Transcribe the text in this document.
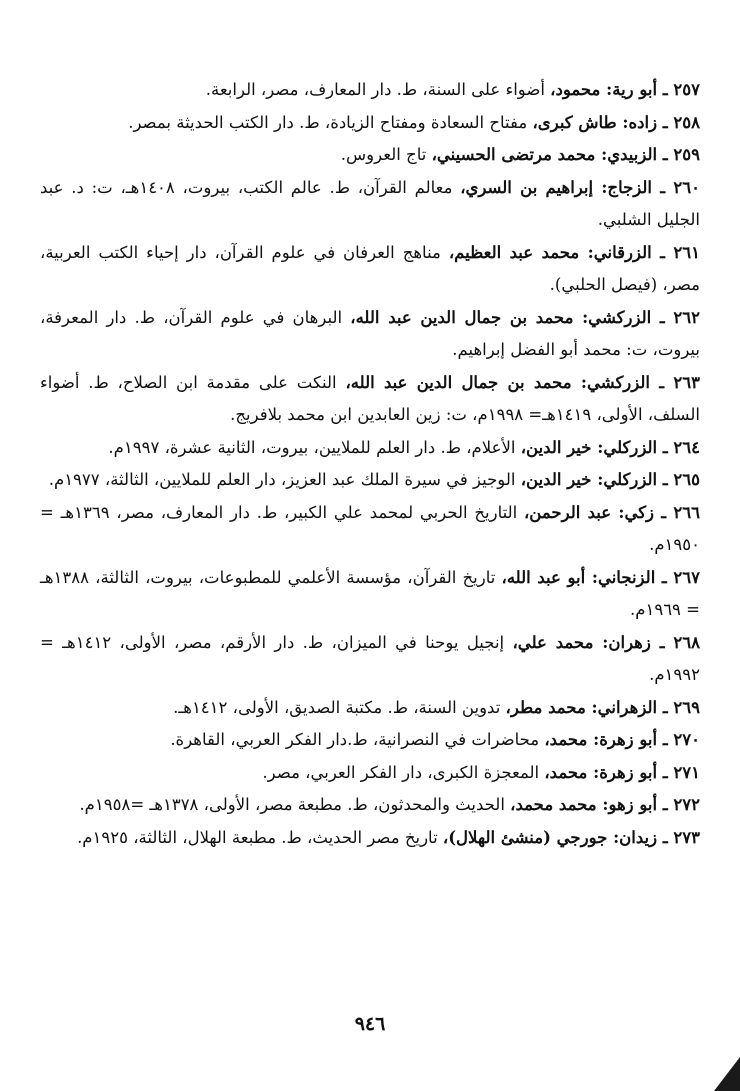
٢٥٧ ـ أبو رية: محمود، أضواء على السنة، ط. دار المعارف، مصر، الرابعة.

٢٥٨ ـ زاده: طاش كبرى، مفتاح السعادة ومفتاح الزيادة، ط. دار الكتب الحديثة بمصر.

٢٥٩ ـ الزبيدي: محمد مرتضى الحسيني، تاج العروس.

٢٦٠ ـ الزجاج: إبراهيم بن السري، معالم القرآن، ط. عالم الكتب، بيروت، ١٤٠٨هـ، ت: د. عبد الجليل الشلبي.

٢٦١ ـ الزرقاني: محمد عبد العظيم، مناهج العرفان في علوم القرآن، دار إحياء الكتب العربية، مصر، (فيصل الحلبي).

٢٦٢ ـ الزركشي: محمد بن جمال الدين عبد الله، البرهان في علوم القرآن، ط. دار المعرفة، بيروت، ت: محمد أبو الفضل إبراهيم.

٢٦٣ ـ الزركشي: محمد بن جمال الدين عبد الله، النكت على مقدمة ابن الصلاح، ط. أضواء السلف، الأولى، ١٤١٩هـ= ١٩٩٨م، ت: زين العابدين ابن محمد بلافريج.

٢٦٤ ـ الزركلي: خير الدين، الأعلام، ط. دار العلم للملايين، بيروت، الثانية عشرة، ١٩٩٧م.

٢٦٥ ـ الزركلي: خير الدين، الوجيز في سيرة الملك عبد العزيز، دار العلم للملايين، الثالثة، ١٩٧٧م.

٢٦٦ ـ زكي: عبد الرحمن، التاريخ الحربي لمحمد علي الكبير، ط. دار المعارف، مصر، ١٣٦٩هـ = ١٩٥٠م.

٢٦٧ ـ الزنجاني: أبو عبد الله، تاريخ القرآن، مؤسسة الأعلمي للمطبوعات، بيروت، الثالثة، ١٣٨٨هـ = ١٩٦٩م.

٢٦٨ ـ زهران: محمد علي، إنجيل يوحنا في الميزان، ط. دار الأرقم، مصر، الأولى، ١٤١٢هـ = ١٩٩٢م.

٢٦٩ ـ الزهراني: محمد مطر، تدوين السنة، ط. مكتبة الصديق، الأولى، ١٤١٢هـ.

٢٧٠ ـ أبو زهرة: محمد، محاضرات في النصرانية، ط.دار الفكر العربي، القاهرة.

٢٧١ ـ أبو زهرة: محمد، المعجزة الكبرى، دار الفكر العربي، مصر.

٢٧٢ ـ أبو زهو: محمد محمد، الحديث والمحدثون، ط. مطبعة مصر، الأولى، ١٣٧٨هـ =١٩٥٨م.

٢٧٣ ـ زيدان: جورجي (منشئ الهلال)، تاريخ مصر الحديث، ط. مطبعة الهلال، الثالثة، ١٩٢٥م.

٩٤٦
